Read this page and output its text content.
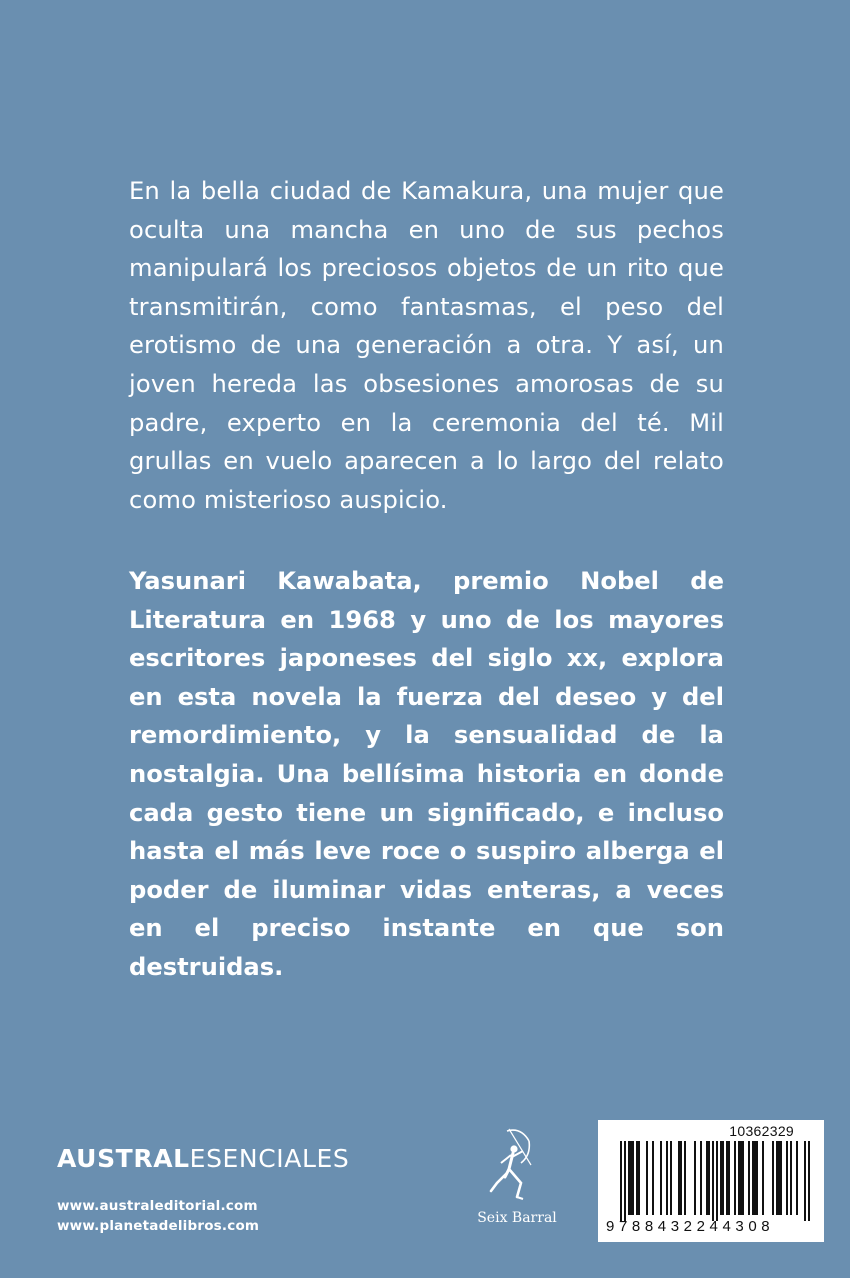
En la bella ciudad de Kamakura, una mujer que oculta una mancha en uno de sus pechos manipulará los preciosos objetos de un rito que transmitirán, como fantasmas, el peso del erotismo de una generación a otra. Y así, un joven hereda las obsesiones amorosas de su padre, experto en la ceremonia del té. Mil grullas en vuelo aparecen a lo largo del relato como misterioso auspicio.

Yasunari Kawabata, premio Nobel de Literatura en 1968 y uno de los mayores escritores japoneses del siglo xx, explora en esta novela la fuerza del deseo y del remordimiento, y la sensualidad de la nostalgia. Una bellísima historia en donde cada gesto tiene un significado, e incluso hasta el más leve roce o suspiro alberga el poder de iluminar vidas enteras, a veces en el preciso instante en que son destruidas.

AUSTRALESENCIALES
www.australeditorial.com
www.planetadelibros.com	Seix Barral
10362329
9788432244308
